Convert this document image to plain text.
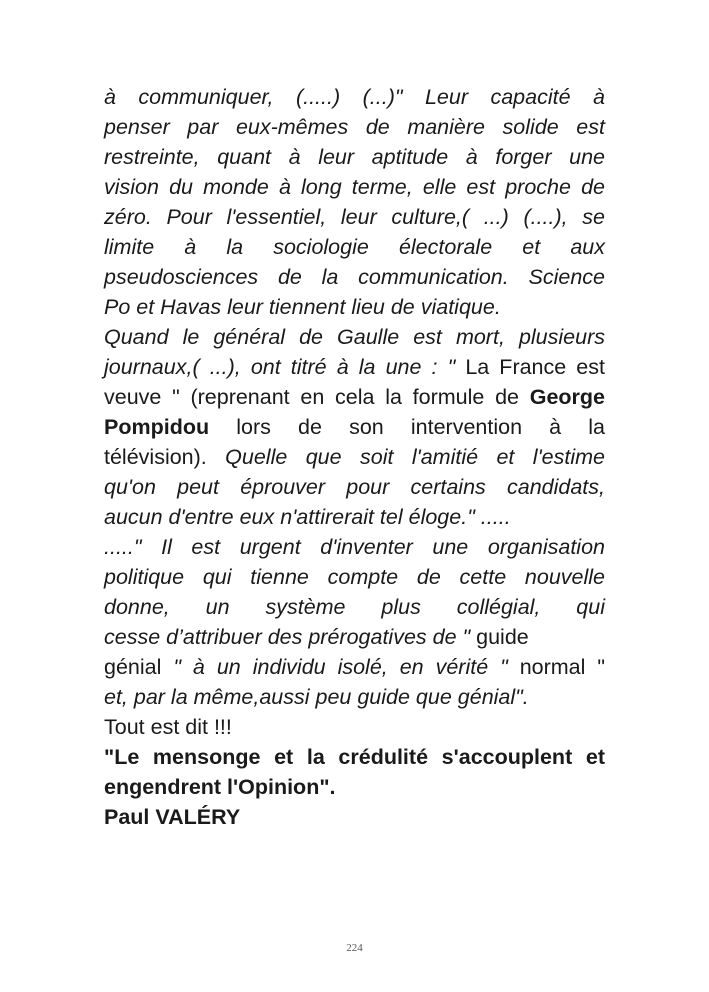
à communiquer, (.....) (...)" Leur capacité à
penser par eux-mêmes de manière solide est
restreinte, quant à leur aptitude à forger une
vision du monde à long terme, elle est proche de
zéro. Pour l'essentiel, leur culture,( ...) (....), se
limite à la sociologie électorale et aux
pseudosciences de la communication. Science
Po et Havas leur tiennent lieu de viatique.
Quand le général de Gaulle est mort, plusieurs
journaux,( ...), ont titré à la une : " La France est
veuve " (reprenant en cela la formule de George
Pompidou lors de son intervention à la
télévision). Quelle que soit l'amitié et l'estime
qu'on peut éprouver pour certains candidats,
aucun d'entre eux n'attirerait tel éloge." .....
....." Il est urgent d'inventer une organisation
politique qui tienne compte de cette nouvelle
donne, un système plus collégial, qui
cesse d’attribuer des prérogatives de " guide
génial " à un individu isolé, en vérité " normal "
et, par la même,aussi peu guide que génial".
Tout est dit !!!
"Le mensonge et la crédulité s'accouplent et
engendrent l'Opinion".
Paul VALÉRY
224
